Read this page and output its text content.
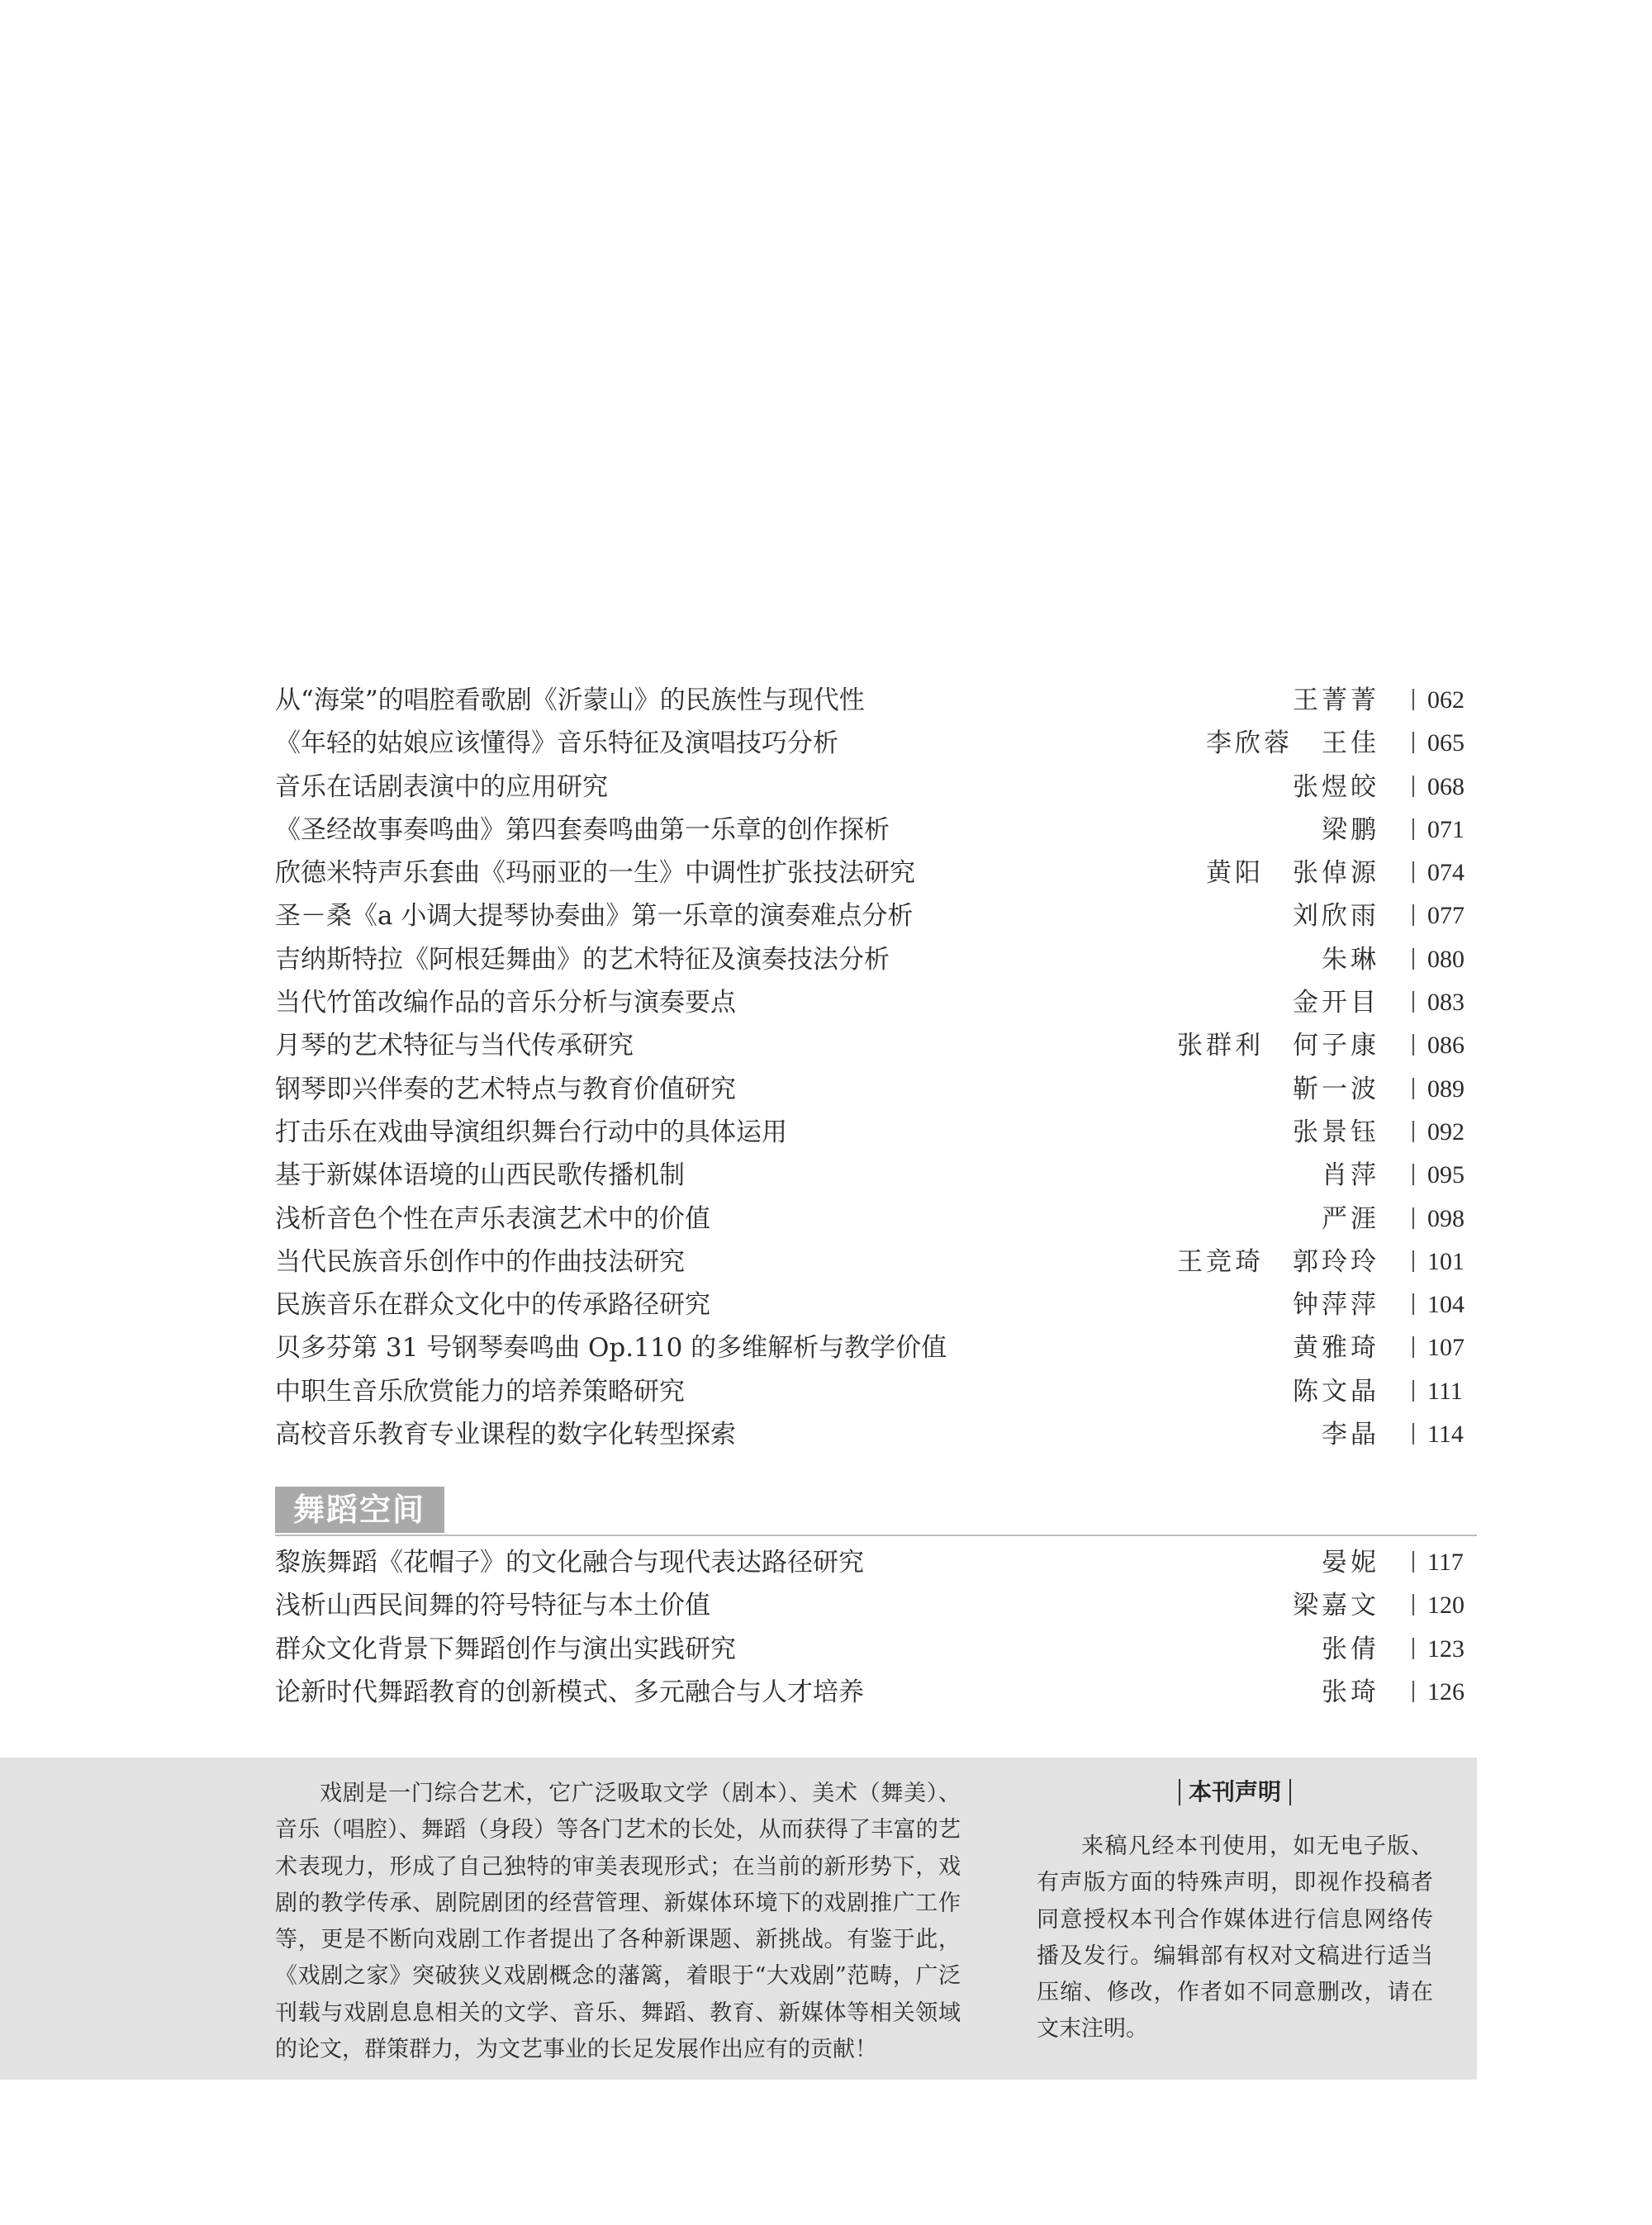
从“海棠”的唱腔看歌剧《沂蒙山》的民族性与现代性	王菁菁	062
《年轻的姑娘应该懂得》音乐特征及演唱技巧分析	李欣蓉　王佳	065
音乐在话剧表演中的应用研究	张煜皎	068
《圣经故事奏鸣曲》第四套奏鸣曲第一乐章的创作探析	梁鹏	071
欣德米特声乐套曲《玛丽亚的一生》中调性扩张技法研究	黄阳　张倬源	074
圣－桑《a 小调大提琴协奏曲》第一乐章的演奏难点分析	刘欣雨	077
吉纳斯特拉《阿根廷舞曲》的艺术特征及演奏技法分析	朱琳	080
当代竹笛改编作品的音乐分析与演奏要点	金开目	083
月琴的艺术特征与当代传承研究	张群利　何子康	086
钢琴即兴伴奏的艺术特点与教育价值研究	靳一波	089
打击乐在戏曲导演组织舞台行动中的具体运用	张景钰	092
基于新媒体语境的山西民歌传播机制	肖萍	095
浅析音色个性在声乐表演艺术中的价值	严涯	098
当代民族音乐创作中的作曲技法研究	王竞琦　郭玲玲	101
民族音乐在群众文化中的传承路径研究	钟萍萍	104
贝多芬第 31 号钢琴奏鸣曲 Op.110 的多维解析与教学价值	黄雅琦	107
中职生音乐欣赏能力的培养策略研究	陈文晶	111
高校音乐教育专业课程的数字化转型探索	李晶	114
舞蹈空间
黎族舞蹈《花帽子》的文化融合与现代表达路径研究	晏妮	117
浅析山西民间舞的符号特征与本土价值	梁嘉文	120
群众文化背景下舞蹈创作与演出实践研究	张倩	123
论新时代舞蹈教育的创新模式、多元融合与人才培养	张琦	126
戏剧是一门综合艺术，它广泛吸取文学（剧本）、美术（舞美）、音乐（唱腔）、舞蹈（身段）等各门艺术的长处，从而获得了丰富的艺术表现力，形成了自己独特的审美表现形式；在当前的新形势下，戏剧的教学传承、剧院剧团的经营管理、新媒体环境下的戏剧推广工作等，更是不断向戏剧工作者提出了各种新课题、新挑战。有鉴于此，《戏剧之家》突破狭义戏剧概念的藩篱，着眼于“大戏剧”范畴，广泛刊载与戏剧息息相关的文学、音乐、舞蹈、教育、新媒体等相关领域的论文，群策群力，为文艺事业的长足发展作出应有的贡献！
本刊声明
来稿凡经本刊使用，如无电子版、有声版方面的特殊声明，即视作投稿者同意授权本刊合作媒体进行信息网络传播及发行。编辑部有权对文稿进行适当压缩、修改，作者如不同意删改，请在文末注明。
